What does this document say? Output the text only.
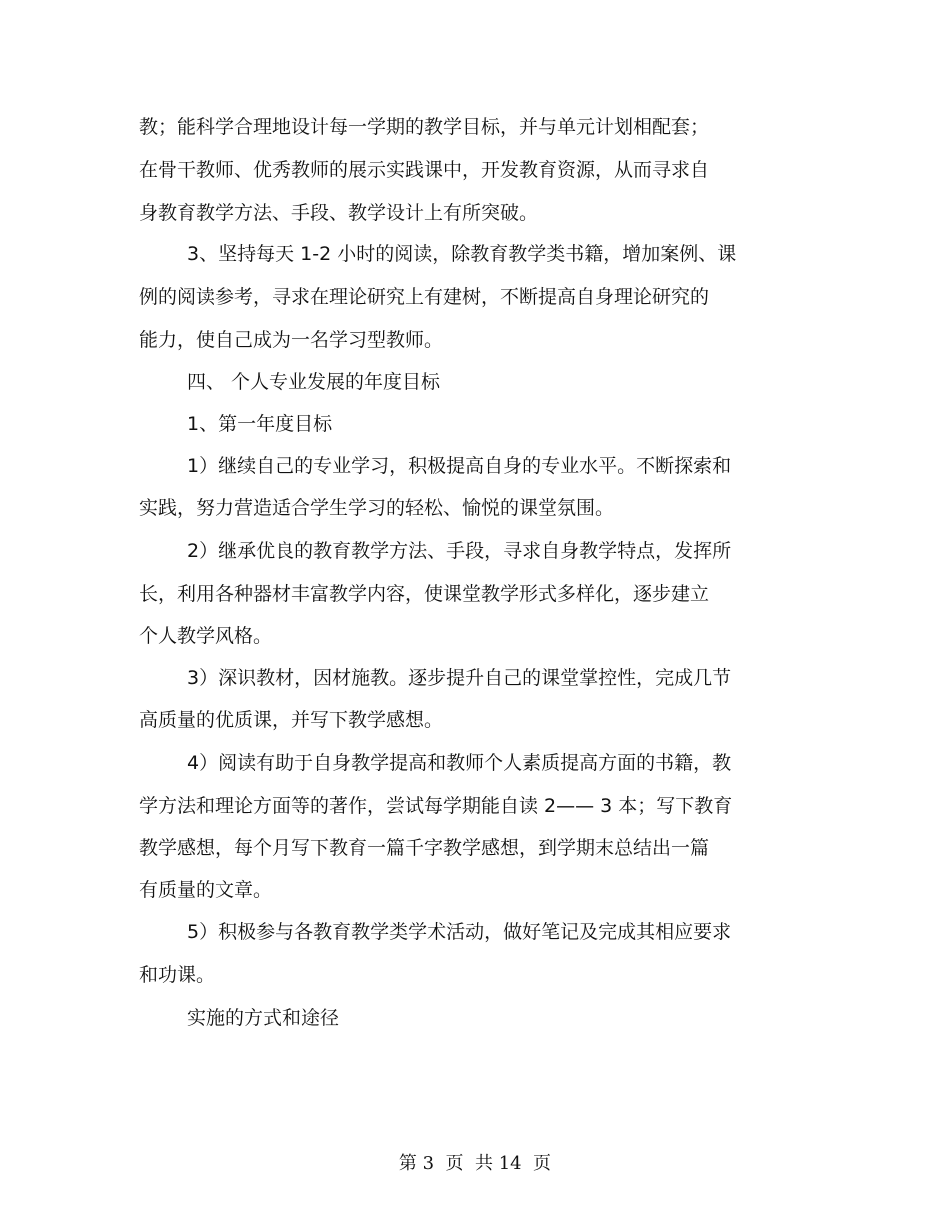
教；能科学合理地设计每一学期的教学目标，并与单元计划相配套；
在骨干教师、优秀教师的展示实践课中，开发教育资源，从而寻求自
身教育教学方法、手段、教学设计上有所突破。
3、坚持每天 1-2 小时的阅读，除教育教学类书籍，增加案例、课
例的阅读参考，寻求在理论研究上有建树，不断提高自身理论研究的
能力，使自己成为一名学习型教师。
四、 个人专业发展的年度目标
1、第一年度目标
1）继续自己的专业学习，积极提高自身的专业水平。不断探索和
实践，努力营造适合学生学习的轻松、愉悦的课堂氛围。
2）继承优良的教育教学方法、手段，寻求自身教学特点，发挥所
长，利用各种器材丰富教学内容，使课堂教学形式多样化，逐步建立
个人教学风格。
3）深识教材，因材施教。逐步提升自己的课堂掌控性，完成几节
高质量的优质课，并写下教学感想。
4）阅读有助于自身教学提高和教师个人素质提高方面的书籍，教
学方法和理论方面等的著作，尝试每学期能自读 2—— 3 本；写下教育
教学感想，每个月写下教育一篇千字教学感想，到学期末总结出一篇
有质量的文章。
5）积极参与各教育教学类学术活动，做好笔记及完成其相应要求
和功课。
实施的方式和途径
第 3  页  共 14  页
